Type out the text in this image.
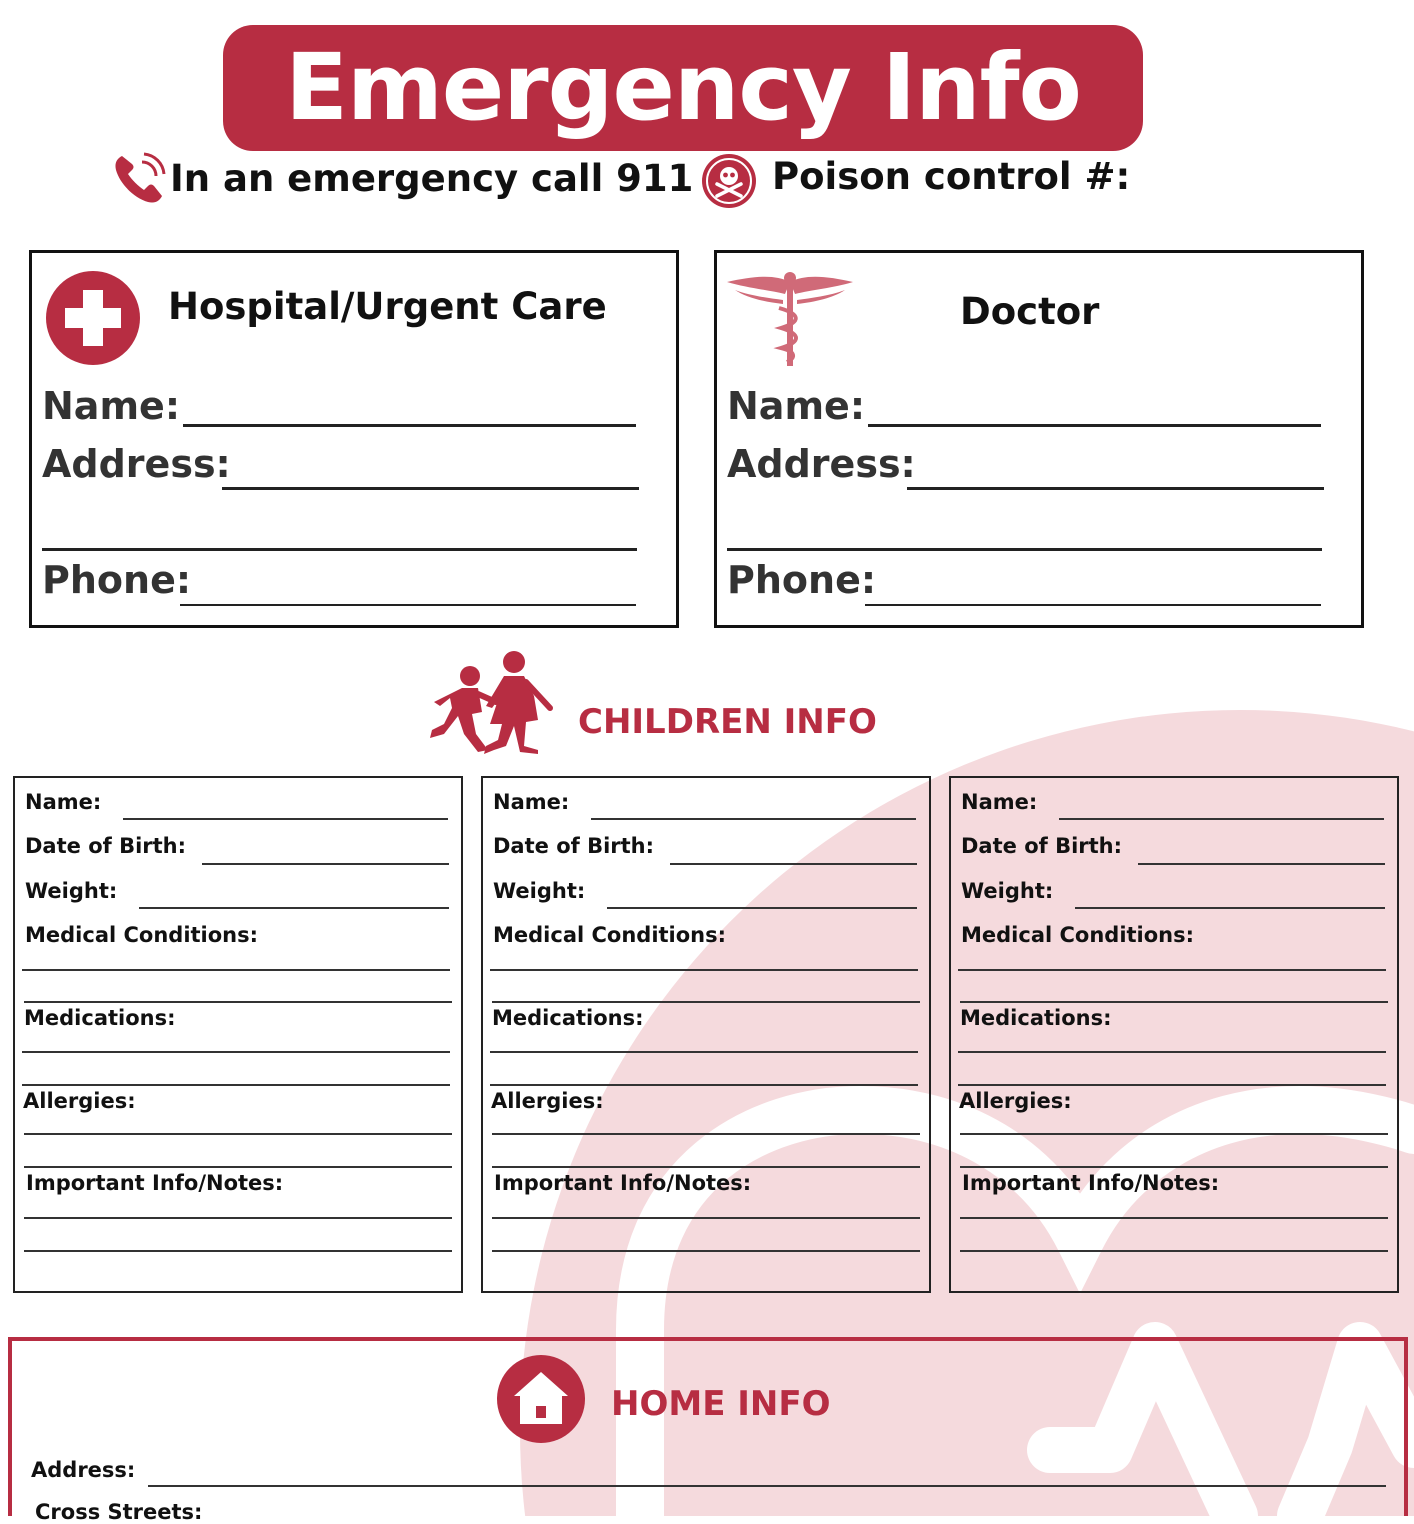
Emergency Info
In an emergency call 911 Poison control #:
Hospital/Urgent Care
Name:
Address:
Phone:
Doctor
Name:
Address:
Phone:
CHILDREN INFO
Name:
Date of Birth:
Weight:
Medical Conditions:
Medications:
Allergies:
Important Info/Notes:
Name:
Date of Birth:
Weight:
Medical Conditions:
Medications:
Allergies:
Important Info/Notes:
Name:
Date of Birth:
Weight:
Medical Conditions:
Medications:
Allergies:
Important Info/Notes:
HOME INFO
Address:
Cross Streets:
